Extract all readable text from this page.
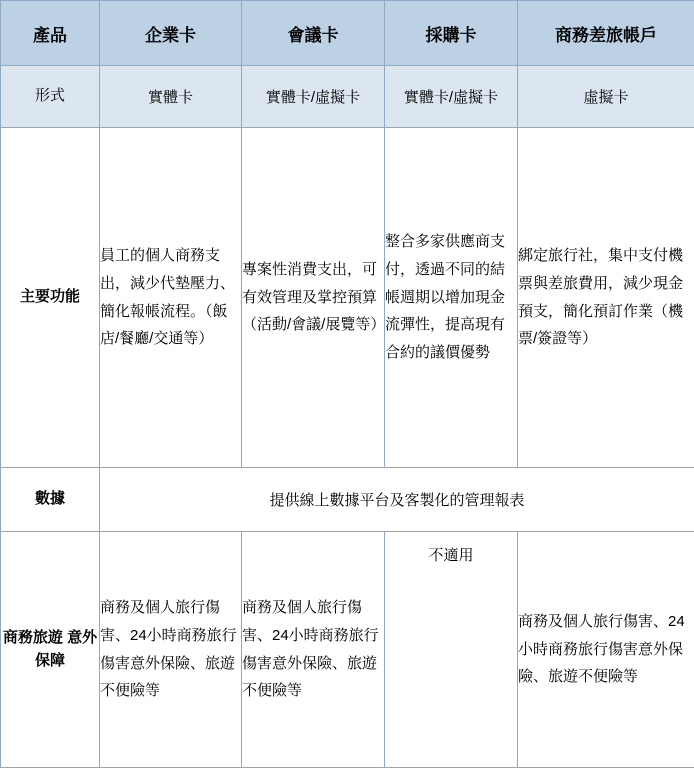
產品	企業卡	會議卡	採購卡	商務差旅帳戶
形式	實體卡	實體卡/虛擬卡	實體卡/虛擬卡	虛擬卡
主要功能	員工的個人商務支出，減少代墊壓力、簡化報帳流程。（飯店/餐廳/交通等）	專案性消費支出，可有效管理及掌控預算（活動/會議/展覽等）	整合多家供應商支付，透過不同的結帳週期以增加現金流彈性，提高現有合約的議價優勢	綁定旅行社，集中支付機票與差旅費用，減少現金預支，簡化預訂作業（機票/簽證等）
數據	提供線上數據平台及客製化的管理報表			
商務旅遊 意外保障	商務及個人旅行傷害、24小時商務旅行傷害意外保險、旅遊不便險等	商務及個人旅行傷害、24小時商務旅行傷害意外保險、旅遊不便險等	不適用	商務及個人旅行傷害、24小時商務旅行傷害意外保險、旅遊不便險等
